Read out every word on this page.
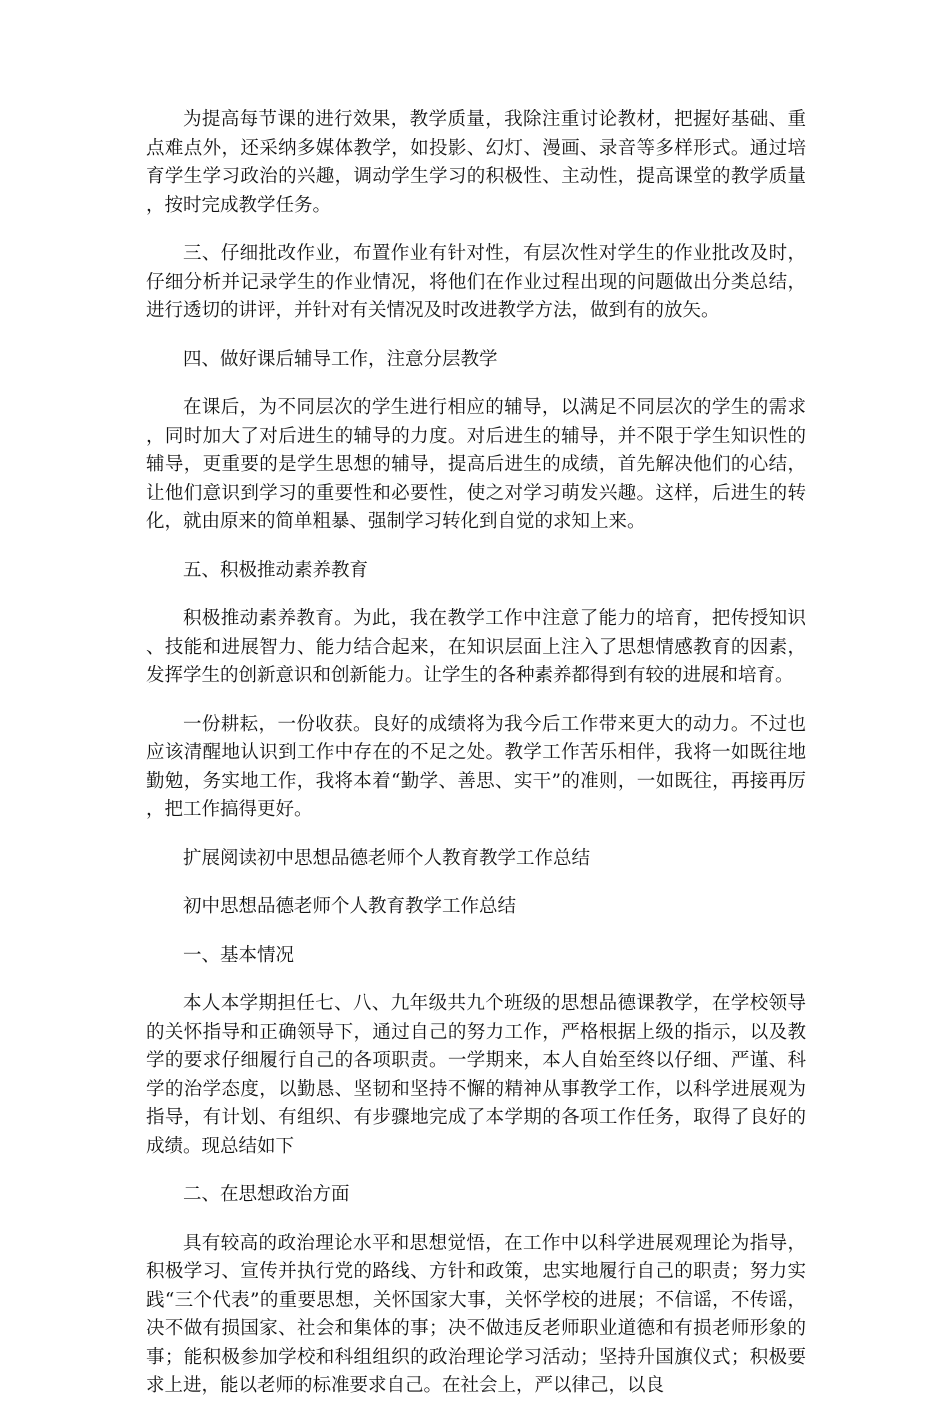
为提高每节课的进行效果，教学质量，我除注重讨论教材，把握好基础、重点难点外，还采纳多媒体教学，如投影、幻灯、漫画、录音等多样形式。通过培育学生学习政治的兴趣，调动学生学习的积极性、主动性，提高课堂的教学质量，按时完成教学任务。

三、仔细批改作业，布置作业有针对性，有层次性对学生的作业批改及时，仔细分析并记录学生的作业情况，将他们在作业过程出现的问题做出分类总结，进行透切的讲评，并针对有关情况及时改进教学方法，做到有的放矢。

四、做好课后辅导工作，注意分层教学

在课后，为不同层次的学生进行相应的辅导，以满足不同层次的学生的需求，同时加大了对后进生的辅导的力度。对后进生的辅导，并不限于学生知识性的辅导，更重要的是学生思想的辅导，提高后进生的成绩，首先解决他们的心结，让他们意识到学习的重要性和必要性，使之对学习萌发兴趣。这样，后进生的转化，就由原来的简单粗暴、强制学习转化到自觉的求知上来。

五、积极推动素养教育

积极推动素养教育。为此，我在教学工作中注意了能力的培育，把传授知识、技能和进展智力、能力结合起来，在知识层面上注入了思想情感教育的因素，发挥学生的创新意识和创新能力。让学生的各种素养都得到有较的进展和培育。

一份耕耘，一份收获。良好的成绩将为我今后工作带来更大的动力。不过也应该清醒地认识到工作中存在的不足之处。教学工作苦乐相伴，我将一如既往地勤勉，务实地工作，我将本着“勤学、善思、实干”的准则，一如既往，再接再厉，把工作搞得更好。

扩展阅读初中思想品德老师个人教育教学工作总结

初中思想品德老师个人教育教学工作总结

一、基本情况

本人本学期担任七、八、九年级共九个班级的思想品德课教学，在学校领导的关怀指导和正确领导下，通过自己的努力工作，严格根据上级的指示，以及教学的要求仔细履行自己的各项职责。一学期来，本人自始至终以仔细、严谨、科学的治学态度，以勤恳、坚韧和坚持不懈的精神从事教学工作，以科学进展观为指导，有计划、有组织、有步骤地完成了本学期的各项工作任务，取得了良好的成绩。现总结如下

二、在思想政治方面

具有较高的政治理论水平和思想觉悟，在工作中以科学进展观理论为指导，积极学习、宣传并执行党的路线、方针和政策，忠实地履行自己的职责；努力实践“三个代表”的重要思想，关怀国家大事，关怀学校的进展；不信谣，不传谣，决不做有损国家、社会和集体的事；决不做违反老师职业道德和有损老师形象的事；能积极参加学校和科组组织的政治理论学习活动；坚持升国旗仪式；积极要求上进，能以老师的标准要求自己。在社会上，严以律己，以良
